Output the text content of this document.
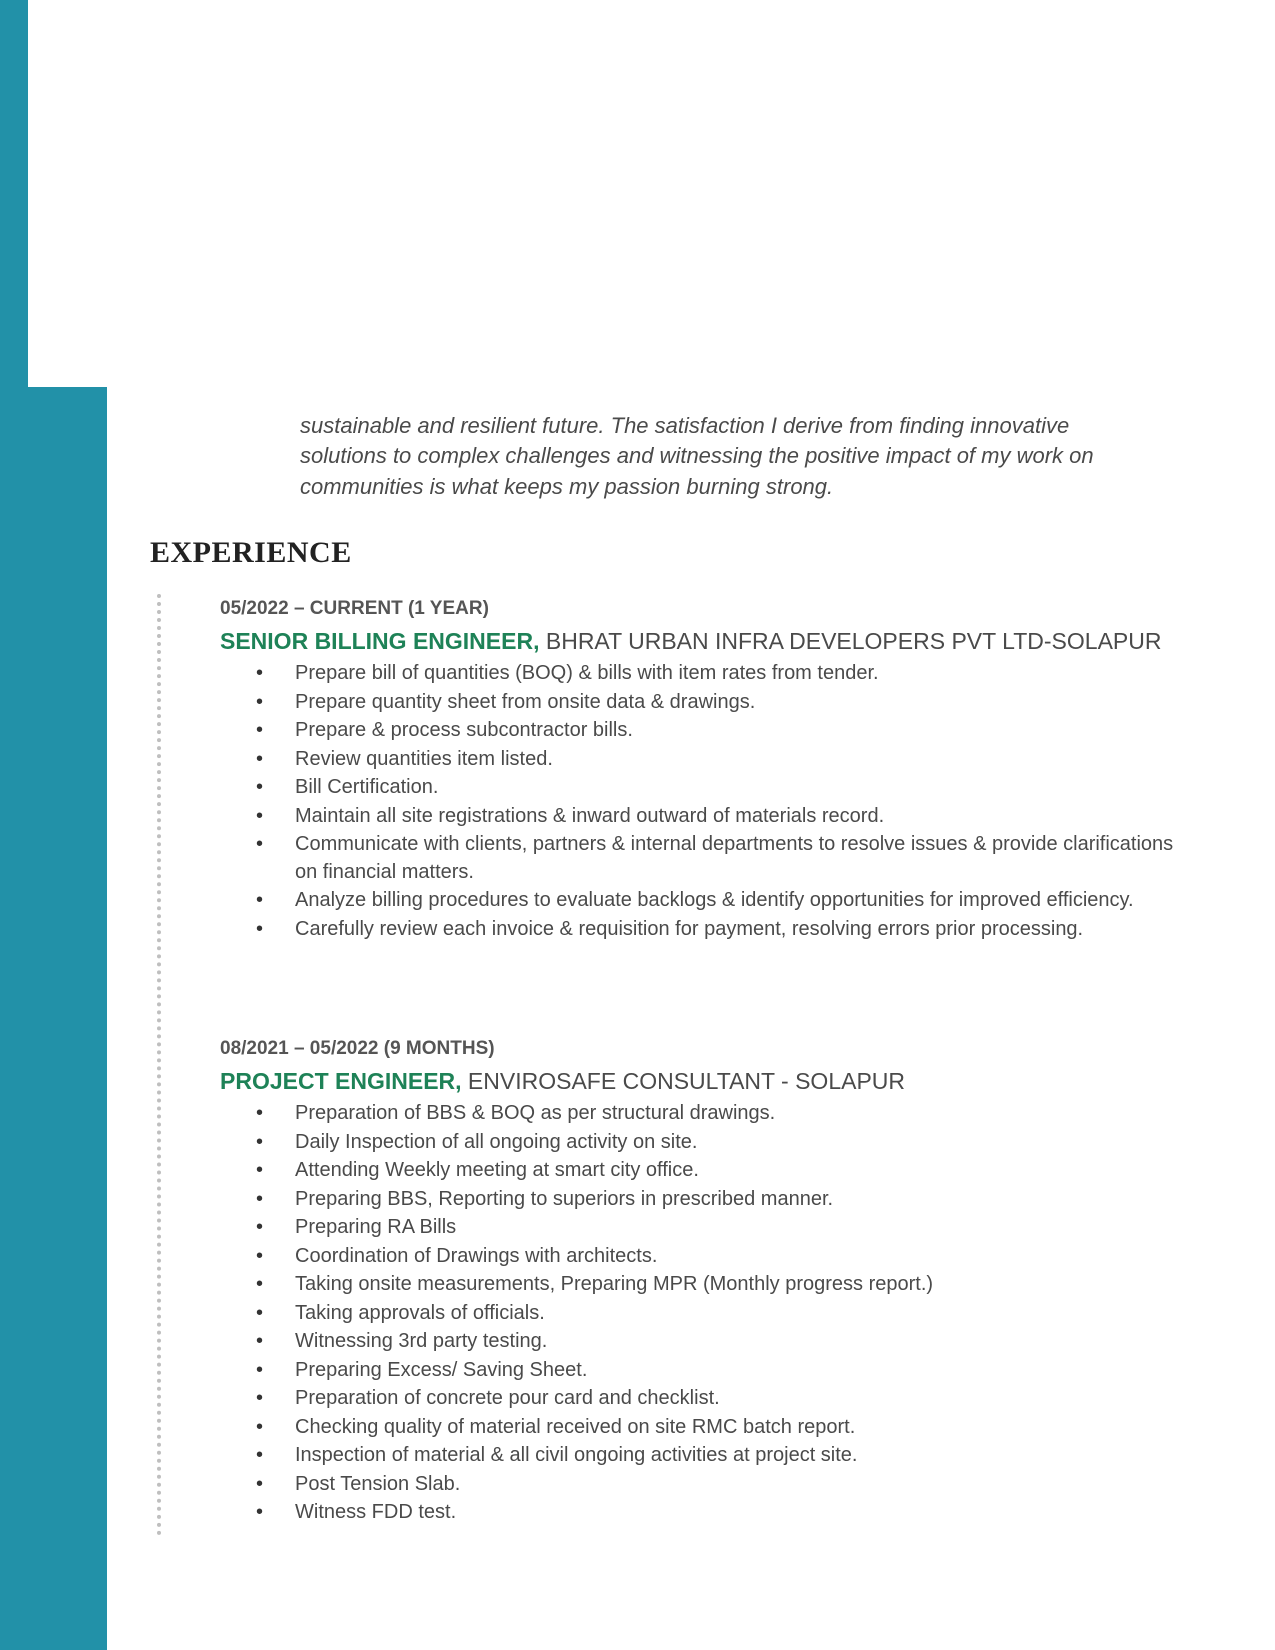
sustainable and resilient future. The satisfaction I derive from finding innovative

solutions to complex challenges and witnessing the positive impact of my work on

communities is what keeps my passion burning strong.

EXPERIENCE
05/2022 – CURRENT (1 YEAR)
SENIOR BILLING ENGINEER, BHRAT URBAN INFRA DEVELOPERS PVT LTD-SOLAPUR
• Prepare bill of quantities (BOQ) & bills with item rates from tender.
• Prepare quantity sheet from onsite data & drawings.
• Prepare & process subcontractor bills.
• Review quantities item listed.
• Bill Certification.
• Maintain all site registrations & inward outward of materials record.
• Communicate with clients, partners & internal departments to resolve issues & provide clarifications on financial matters.
• Analyze billing procedures to evaluate backlogs & identify opportunities for improved efficiency.
• Carefully review each invoice & requisition for payment, resolving errors prior processing.
08/2021 – 05/2022 (9 MONTHS)
PROJECT ENGINEER, ENVIROSAFE CONSULTANT - SOLAPUR
• Preparation of BBS & BOQ as per structural drawings.
• Daily Inspection of all ongoing activity on site.
• Attending Weekly meeting at smart city office.
• Preparing BBS, Reporting to superiors in prescribed manner.
• Preparing RA Bills
• Coordination of Drawings with architects.
• Taking onsite measurements, Preparing MPR (Monthly progress report.)
• Taking approvals of officials.
• Witnessing 3rd party testing.
• Preparing Excess/ Saving Sheet.
• Preparation of concrete pour card and checklist.
• Checking quality of material received on site RMC batch report.
• Inspection of material & all civil ongoing activities at project site.
• Post Tension Slab.
• Witness FDD test.
